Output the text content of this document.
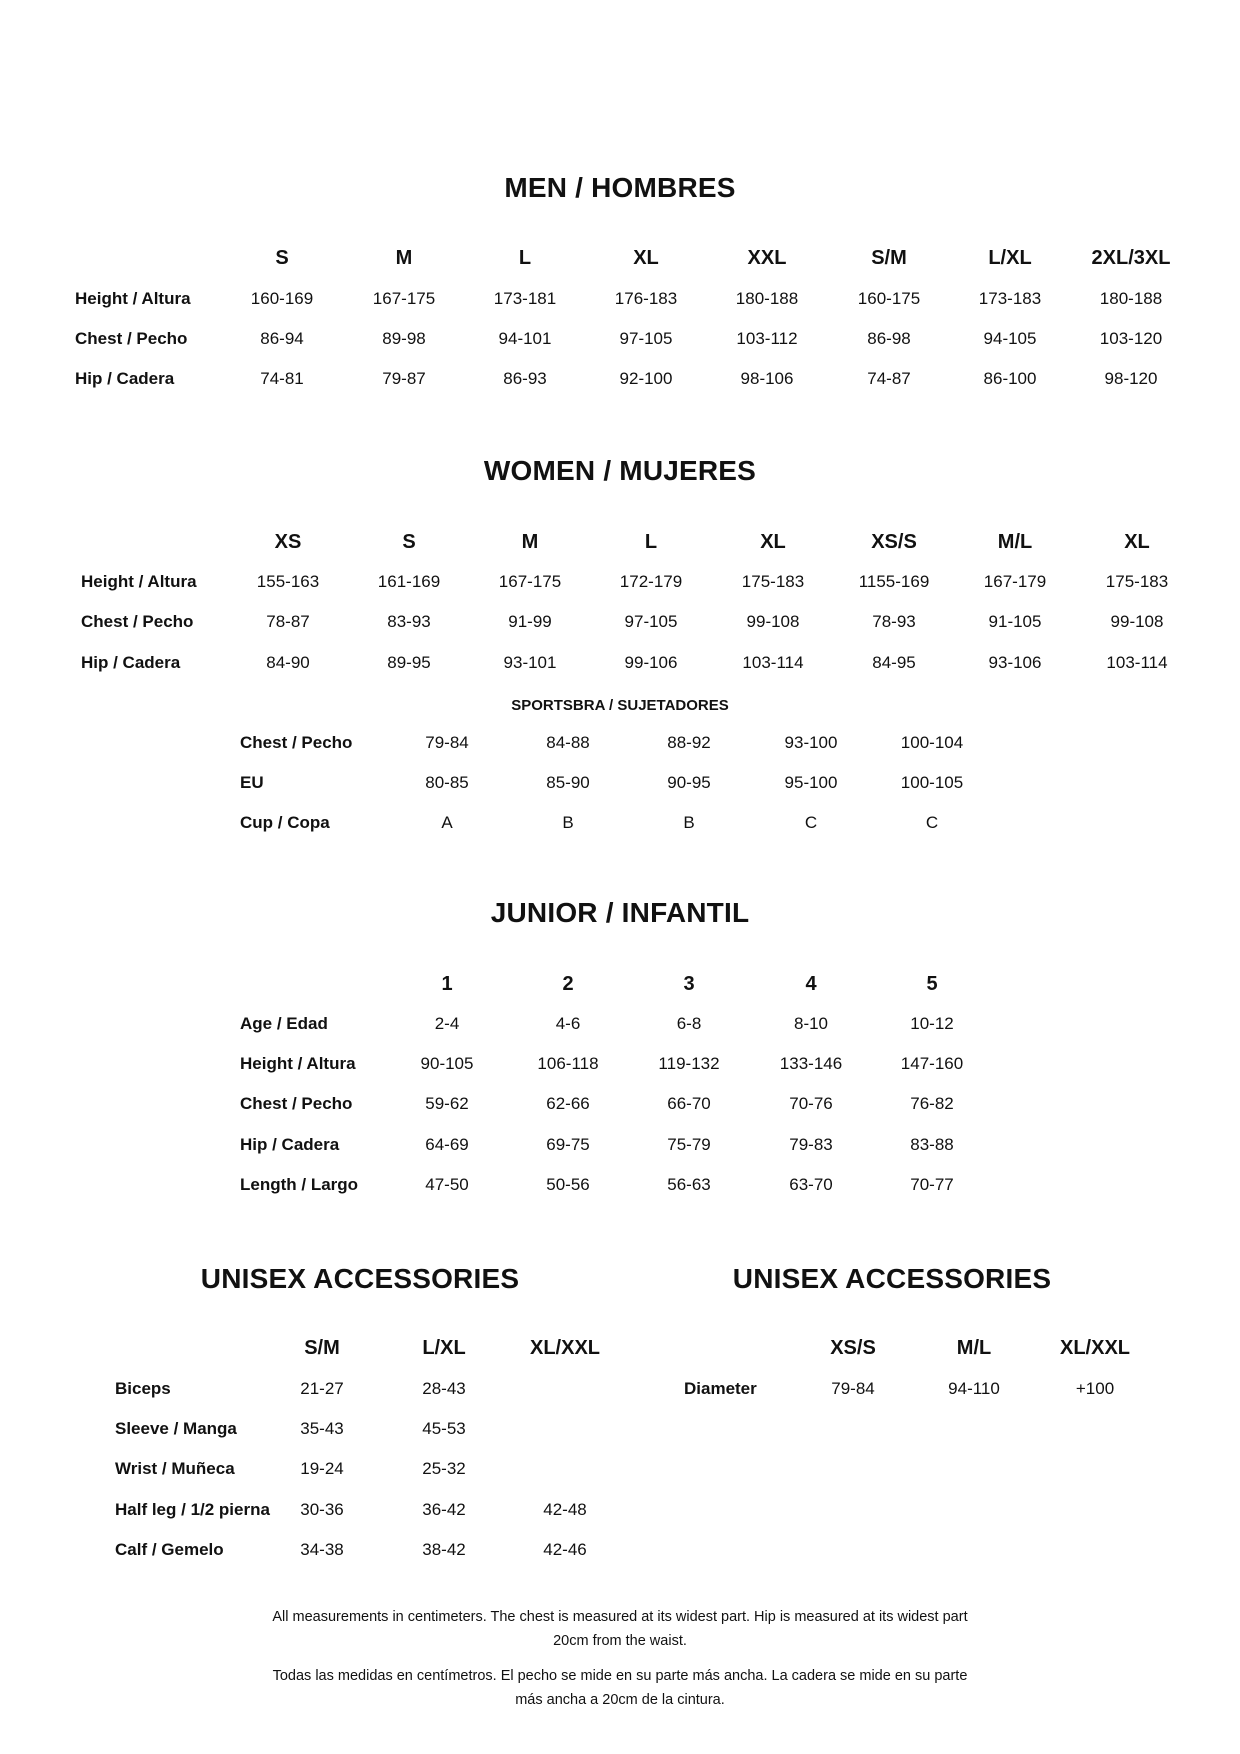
MEN / HOMBRES
S	M	L	XL	XXL	S/M	L/XL	2XL/3XL
Height / Altura	160-169	167-175	173-181	176-183	180-188	160-175	173-183	180-188
Chest / Pecho	86-94	89-98	94-101	97-105	103-112	86-98	94-105	103-120
Hip / Cadera	74-81	79-87	86-93	92-100	98-106	74-87	86-100	98-120
WOMEN / MUJERES
XS	S	M	L	XL	XS/S	M/L	XL
Height / Altura	155-163	161-169	167-175	172-179	175-183	1155-169	167-179	175-183
Chest / Pecho	78-87	83-93	91-99	97-105	99-108	78-93	91-105	99-108
Hip / Cadera	84-90	89-95	93-101	99-106	103-114	84-95	93-106	103-114
SPORTSBRA / SUJETADORES
Chest / Pecho	79-84	84-88	88-92	93-100	100-104
EU	80-85	85-90	90-95	95-100	100-105
Cup / Copa	A	B	B	C	C
JUNIOR / INFANTIL
1	2	3	4	5
Age / Edad	2-4	4-6	6-8	8-10	10-12
Height / Altura	90-105	106-118	119-132	133-146	147-160
Chest / Pecho	59-62	62-66	66-70	70-76	76-82
Hip / Cadera	64-69	69-75	75-79	79-83	83-88
Length / Largo	47-50	50-56	56-63	63-70	70-77
UNISEX ACCESSORIES
S/M	L/XL	XL/XXL
Biceps	21-27	28-43
Sleeve / Manga	35-43	45-53
Wrist / Muñeca	19-24	25-32
Half leg / 1/2 pierna 30-36	36-42	42-48
Calf / Gemelo	34-38	38-42	42-46
UNISEX ACCESSORIES
XS/S	M/L	XL/XXL
Diameter	79-84	94-110	+100
All measurements in centimeters. The chest is measured at its widest part. Hip is measured at its widest part 20cm from the waist.
Todas las medidas en centímetros. El pecho se mide en su parte más ancha. La cadera se mide en su parte más ancha a 20cm de la cintura.
